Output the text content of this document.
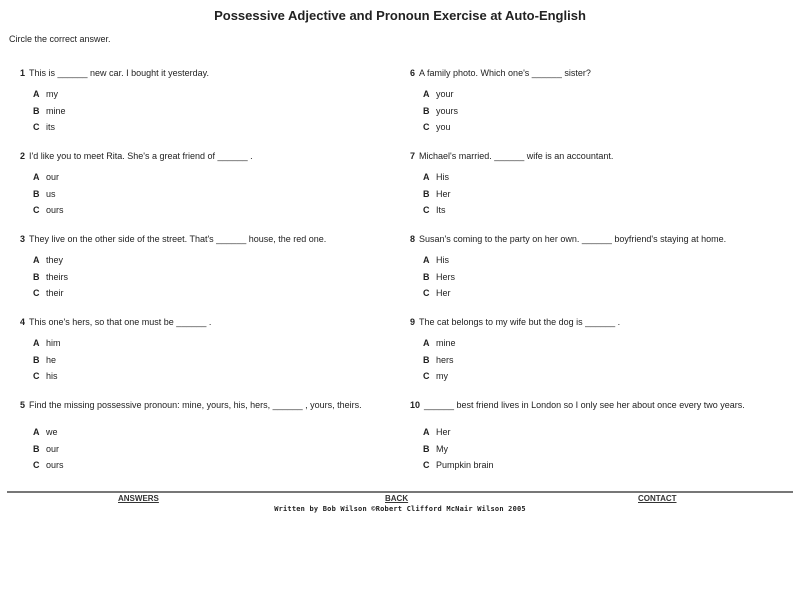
Possessive Adjective and Pronoun Exercise at Auto-English
Circle the correct answer.
1 This is ______ new car. I bought it yesterday.
A my
B mine
C its
2 I'd like you to meet Rita. She's a great friend of ______ .
A our
B us
C ours
3 They live on the other side of the street. That's ______ house, the red one.
A they
B theirs
C their
4 This one's hers, so that one must be ______ .
A him
B he
C his
5 Find the missing possessive pronoun: mine, yours, his, hers, ______ , yours, theirs.
A we
B our
C ours
6 A family photo. Which one's ______ sister?
A your
B yours
C you
7 Michael's married. ______ wife is an accountant.
A His
B Her
C Its
8 Susan's coming to the party on her own. ______ boyfriend's staying at home.
A His
B Hers
C Her
9 The cat belongs to my wife but the dog is ______ .
A mine
B hers
C my
10 ______ best friend lives in London so I only see her about once every two years.
A Her
B My
C Pumpkin brain
ANSWERS	BACK	CONTACT
Written by Bob Wilson ©Robert Clifford McNair Wilson 2005
